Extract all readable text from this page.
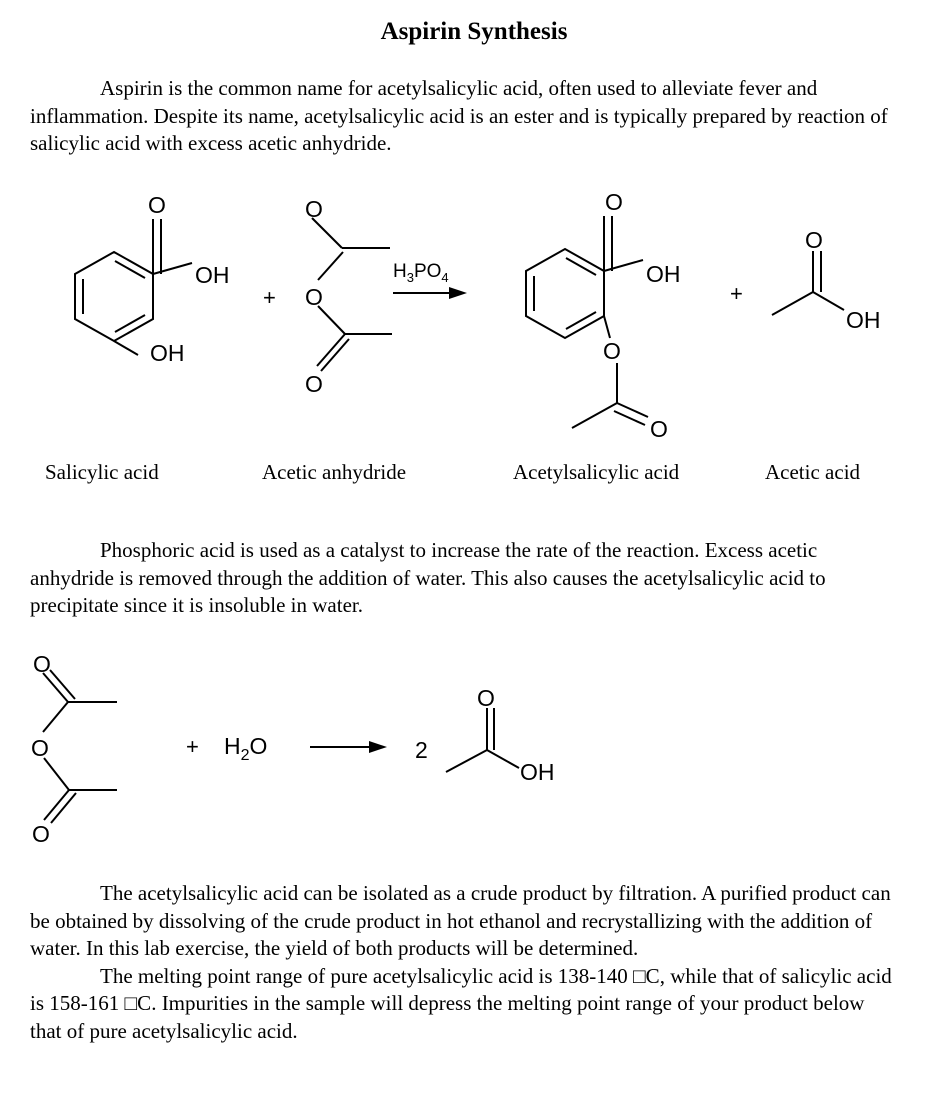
Aspirin Synthesis

Aspirin is the common name for acetylsalicylic acid, often used to alleviate fever and inflammation. Despite its name, acetylsalicylic acid is an ester and is typically prepared by reaction of salicylic acid with excess acetic anhydride.

O
OH
OH
+
O
O
O
$H_3PO_4$
O
OH
O
O
+
O
OH
Salicylic acid	Acetic anhydride	Acetylsalicylic acid	Acetic acid

Phosphoric acid is used as a catalyst to increase the rate of the reaction. Excess acetic anhydride is removed through the addition of water. This also causes the acetylsalicylic acid to precipitate since it is insoluble in water.

O
O
O
+ $H_2O$	2
O
OH

The acetylsalicylic acid can be isolated as a crude product by filtration. A purified product can be obtained by dissolving of the crude product in hot ethanol and recrystallizing with the addition of water. In this lab exercise, the yield of both products will be determined.

The melting point range of pure acetylsalicylic acid is 138-140 □C, while that of salicylic acid is 158-161 □C. Impurities in the sample will depress the melting point range of your product below that of pure acetylsalicylic acid.
